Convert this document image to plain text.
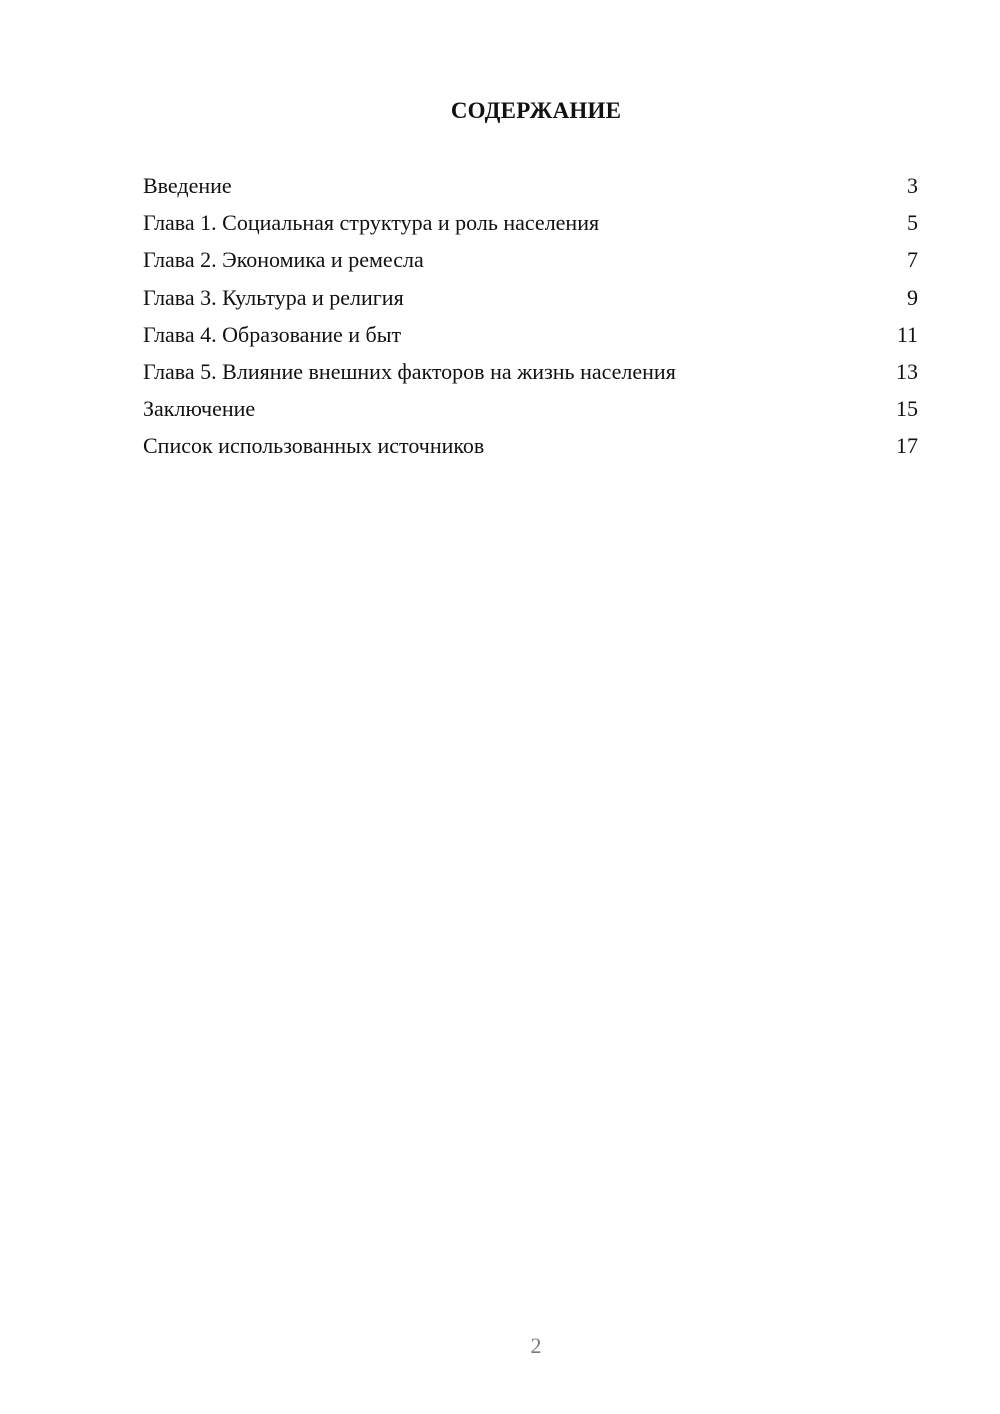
СОДЕРЖАНИЕ
Введение	3
Глава 1. Социальная структура и роль населения	5
Глава 2. Экономика и ремесла	7
Глава 3. Культура и религия	9
Глава 4. Образование и быт	11
Глава 5. Влияние внешних факторов на жизнь населения	13
Заключение	15
Список использованных источников	17
2
